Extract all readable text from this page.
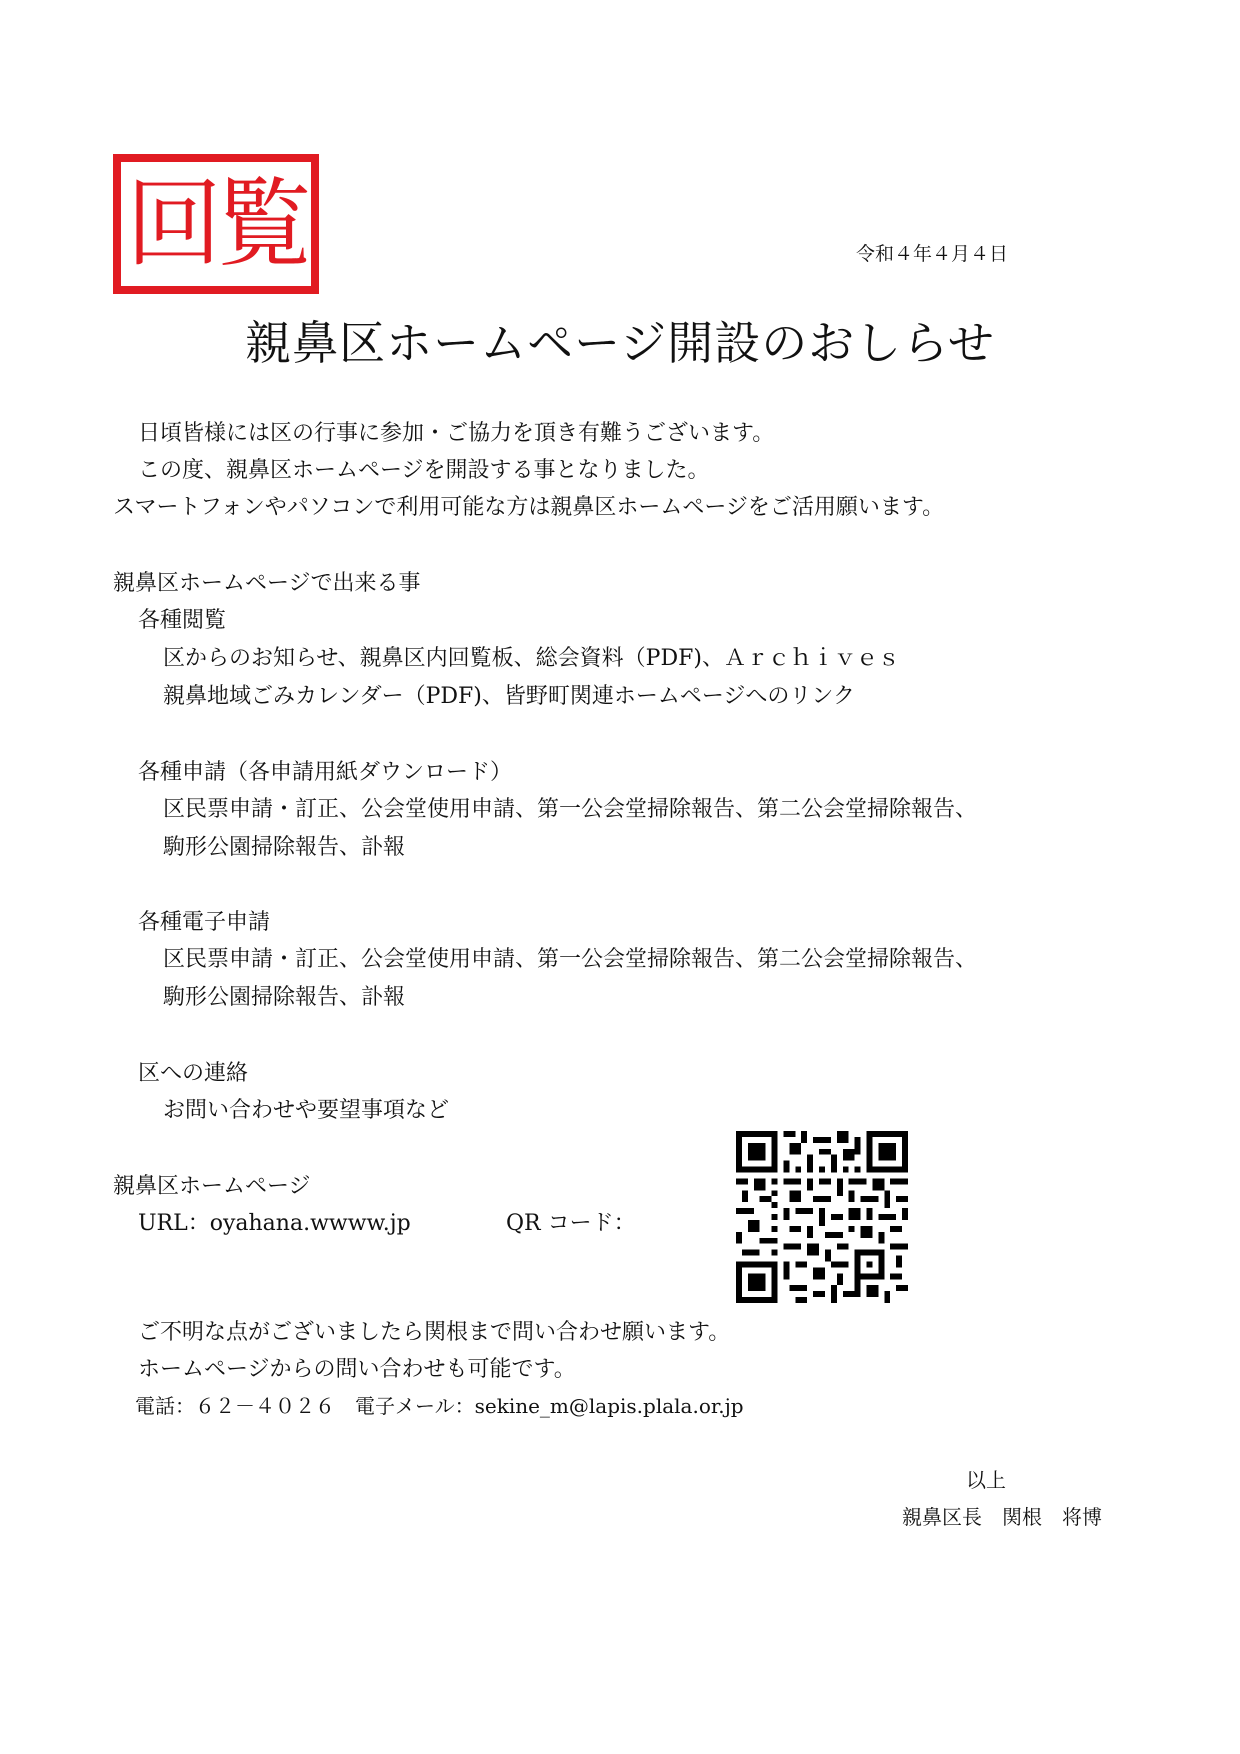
回覧	令和４年４月４日
親鼻区ホームページ開設のおしらせ
日頃皆様には区の行事に参加・ご協力を頂き有難うございます。
この度、親鼻区ホームページを開設する事となりました。
スマートフォンやパソコンで利用可能な方は親鼻区ホームページをご活用願います。
親鼻区ホームページで出来る事
各種閲覧
区からのお知らせ、親鼻区内回覧板、総会資料（PDF)、Ａｒｃｈｉｖｅｓ
親鼻地域ごみカレンダー（PDF)、皆野町関連ホームページへのリンク
各種申請（各申請用紙ダウンロード）
区民票申請・訂正、公会堂使用申請、第一公会堂掃除報告、第二公会堂掃除報告、
駒形公園掃除報告、訃報
各種電子申請
区民票申請・訂正、公会堂使用申請、第一公会堂掃除報告、第二公会堂掃除報告、
駒形公園掃除報告、訃報
区への連絡
お問い合わせや要望事項など
親鼻区ホームページ
URL：oyahana.wwww.jp	QR コード：
ご不明な点がございましたら関根まで問い合わせ願います。
ホームページからの問い合わせも可能です。
電話：６２－４０２６　電子メール：sekine_m@lapis.plala.or.jp
以上
親鼻区長　関根　将博
